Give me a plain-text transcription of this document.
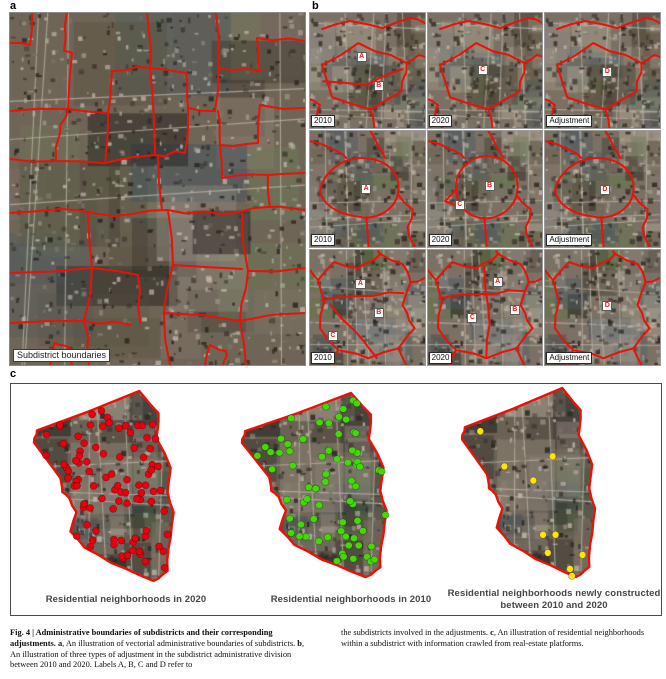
a
Subdistrict boundaries
b
A
B
2010
C
2020
D
Adjustment
A
2010
B
C
2020
D
Adjustment
A
B
C
2010
A
C
B
2020
D
Adjustment
c
Residential neighborhoods in 2020	Residential neighborhoods in 2010
Residential neighborhoods newly constructed between 2010 and 2020
Fig. 4 | Administrative boundaries of subdistricts and their corresponding adjustments. a, An illustration of vectorial administrative boundaries of subdistricts. b, An illustration of three types of adjustment in the subdistrict administrative division between 2010 and 2020. Labels A, B, C and D refer to
the subdistricts involved in the adjustments. c, An illustration of residential neighborhoods within a subdistrict with information crawled from real-estate platforms.
